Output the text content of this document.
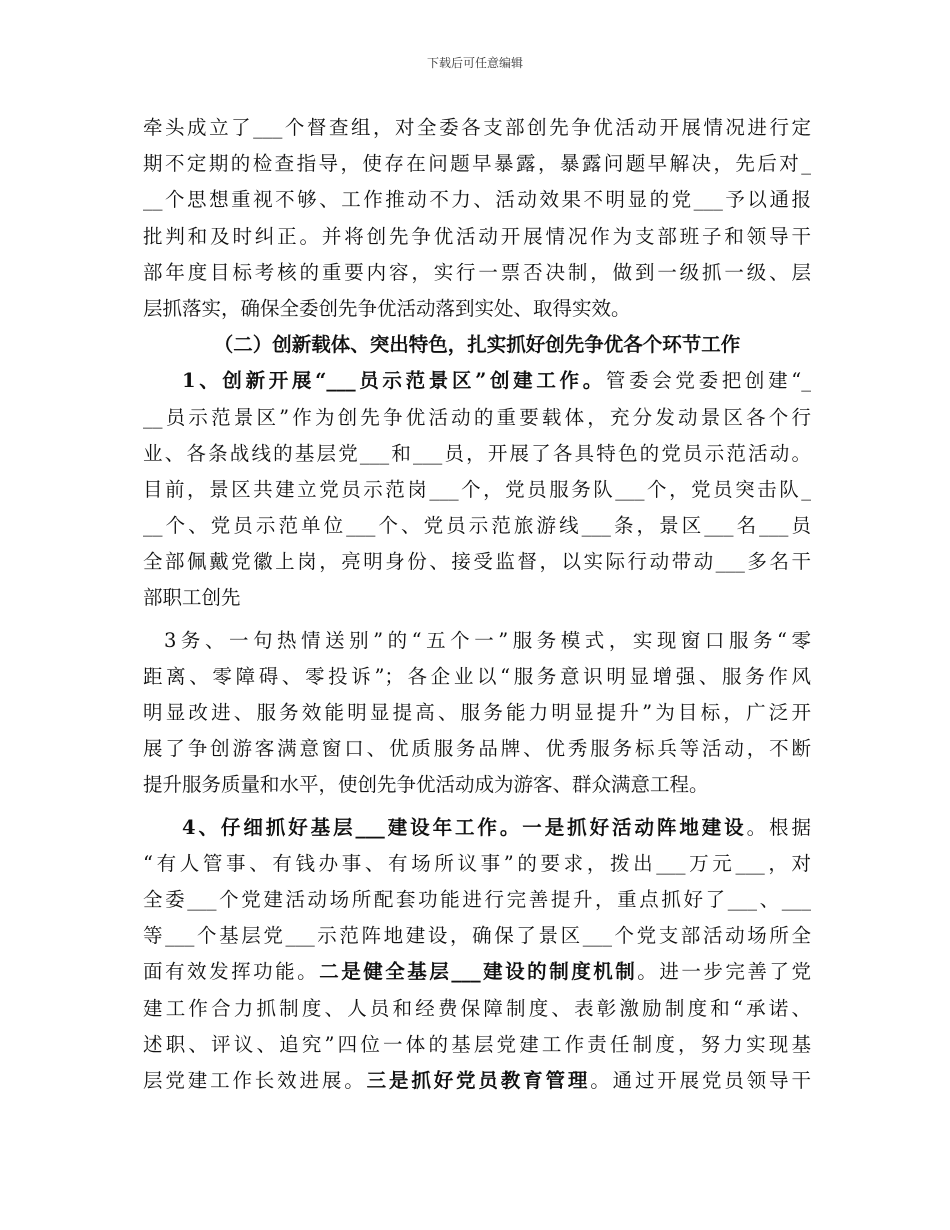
下载后可任意编辑
牵头成立了___个督查组，对全委各支部创先争优活动开展情况进行定
期不定期的检查指导，使存在问题早暴露，暴露问题早解决，先后对_
__个思想重视不够、工作推动不力、活动效果不明显的党___予以通报
批判和及时纠正。并将创先争优活动开展情况作为支部班子和领导干
部年度目标考核的重要内容，实行一票否决制，做到一级抓一级、层
层抓落实，确保全委创先争优活动落到实处、取得实效。
（二）创新载体、突出特色，扎实抓好创先争优各个环节工作
1、创新开展“___员示范景区”创建工作。管委会党委把创建“_
__员示范景区”作为创先争优活动的重要载体，充分发动景区各个行
业、各条战线的基层党___和___员，开展了各具特色的党员示范活动。
目前，景区共建立党员示范岗___个，党员服务队___个，党员突击队_
__个、党员示范单位___个、党员示范旅游线___条，景区___名___员
全部佩戴党徽上岗，亮明身份、接受监督，以实际行动带动___多名干
部职工创先
3务、一句热情送别”的“五个一”服务模式，实现窗口服务“零
距离、零障碍、零投诉”；各企业以“服务意识明显增强、服务作风
明显改进、服务效能明显提高、服务能力明显提升”为目标，广泛开
展了争创游客满意窗口、优质服务品牌、优秀服务标兵等活动，不断
提升服务质量和水平，使创先争优活动成为游客、群众满意工程。
4、仔细抓好基层___建设年工作。一是抓好活动阵地建设。根据
“有人管事、有钱办事、有场所议事”的要求，拨出___万元___，对
全委___个党建活动场所配套功能进行完善提升，重点抓好了___、___
等___个基层党___示范阵地建设，确保了景区___个党支部活动场所全
面有效发挥功能。二是健全基层___建设的制度机制。进一步完善了党
建工作合力抓制度、人员和经费保障制度、表彰激励制度和“承诺、
述职、评议、追究”四位一体的基层党建工作责任制度，努力实现基
层党建工作长效进展。三是抓好党员教育管理。通过开展党员领导干
